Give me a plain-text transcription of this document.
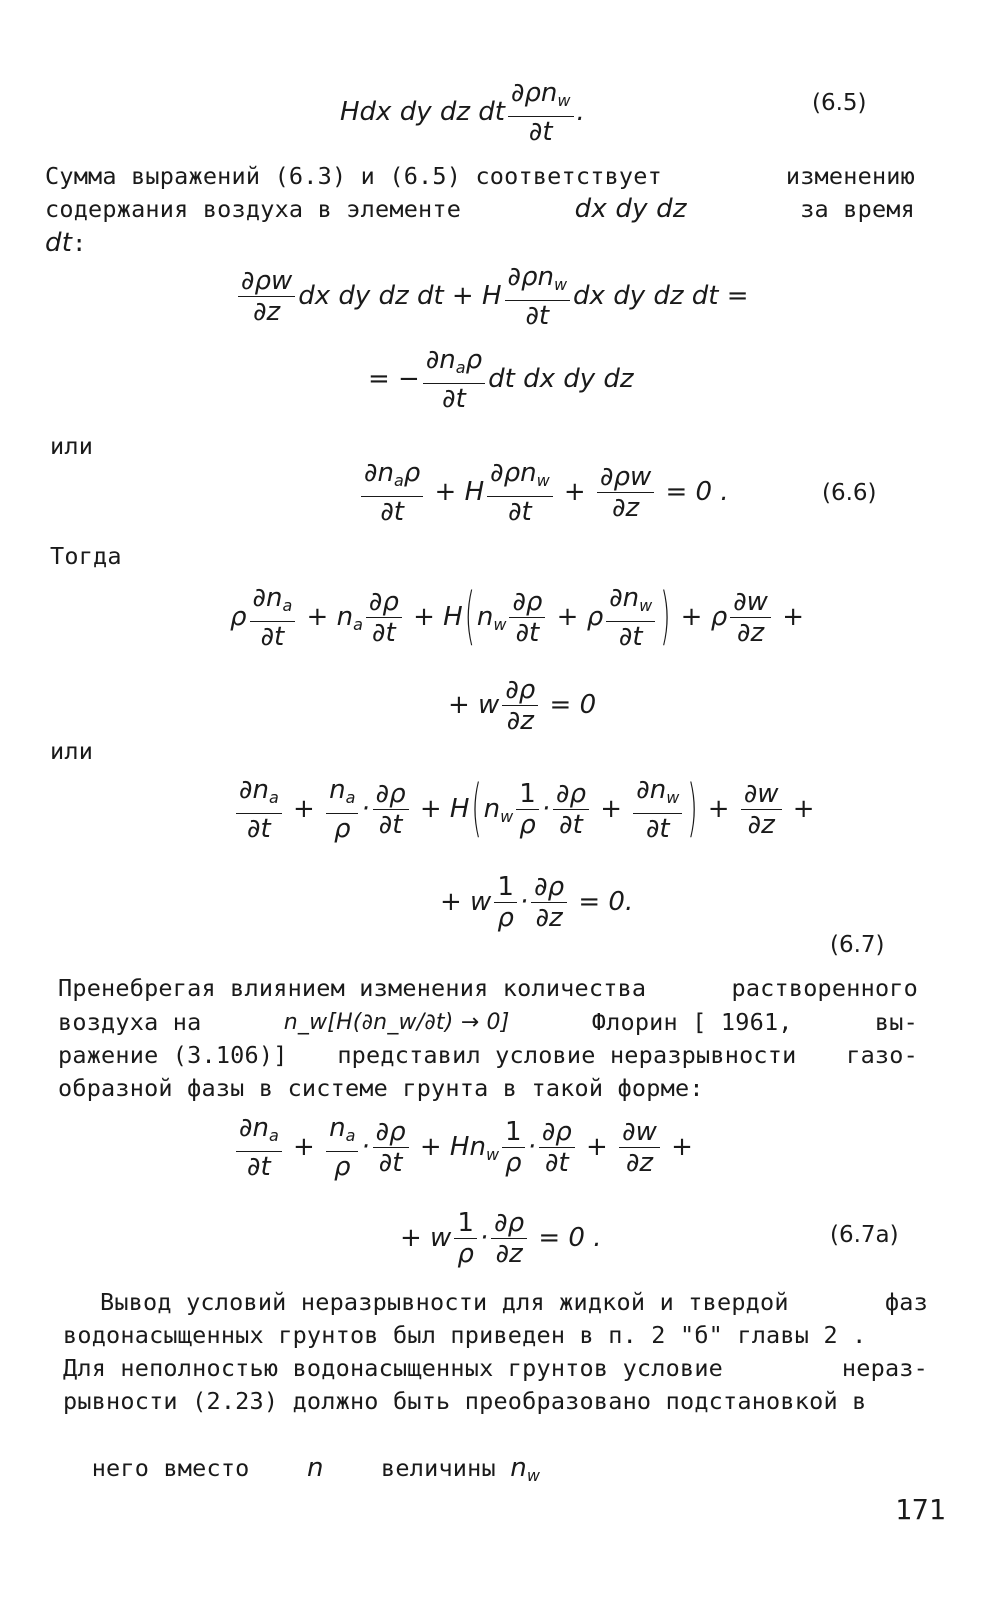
Hdx dy dz dt $\frac{\partial\rho n_w}{\partial t}$ .	(6.5)
Сумма выражений (6.3) и (6.5) соответствует	изменению
содержания воздуха в элементе	dx dy dz	за время
dt:
$\frac{\partial\rho w}{\partial z}$ dx dy dz dt + H $\frac{\partial\rho n_w}{\partial t}$ dx dy dz dt =
= − $\frac{\partial n_a\rho}{\partial t}$ dt dx dy dz
или
$\frac{\partial n_a\rho}{\partial t} + H \frac{\partial\rho n_w}{\partial t} + \frac{\partial\rho w}{\partial z} = 0$ .	(6.6)
Тогда
ρ $\frac{\partial n_a}{\partial t} + n_a \frac{\partial\rho}{\partial t} + H(n_w \frac{\partial\rho}{\partial t} + \rho \frac{\partial n_w}{\partial t}$ ) + ρ $\frac{\partial w}{\partial z}$ +
+ w $\frac{\partial\rho}{\partial z} = 0$
или
$\frac{\partial n_a}{\partial t} + \frac{n_a}{\rho} \cdot \frac{\partial\rho}{\partial t} + H(n_w \frac{1}{\rho} \cdot \frac{\partial\rho}{\partial t} + \frac{\partial n_w}{\partial t}$ ) + $\frac{\partial w}{\partial z}$ +
+ w $\frac{1}{\rho} \cdot \frac{\partial\rho}{\partial z} = 0$.
(6.7)
Пренебрегая влиянием изменения количества	растворенного
воздуха на	n_w[H(∂n_w/∂t) → 0]	Флорин [ 1961,	вы-
ражение (3.106)] представил условие неразрывности газо-
образной фазы в системе грунта в такой форме:
$\frac{\partial n_a}{\partial t} + \frac{n_a}{\rho} \cdot \frac{\partial\rho}{\partial t} + Hn_w \frac{1}{\rho} \cdot \frac{\partial\rho}{\partial t} + \frac{\partial w}{\partial z}$ +
+ w $\frac{1}{\rho} \cdot \frac{\partial\rho}{\partial z} = 0$ .	(6.7a)
Вывод условий неразрывности для жидкой и твердой	фаз
водонасыщенных грунтов был приведен в п. 2 "б" главы 2 .
Для неполностью водонасыщенных грунтов условие	нераз-
рывности (2.23) должно быть преобразовано подстановкой в

него вместо n величины $n_w$

171
